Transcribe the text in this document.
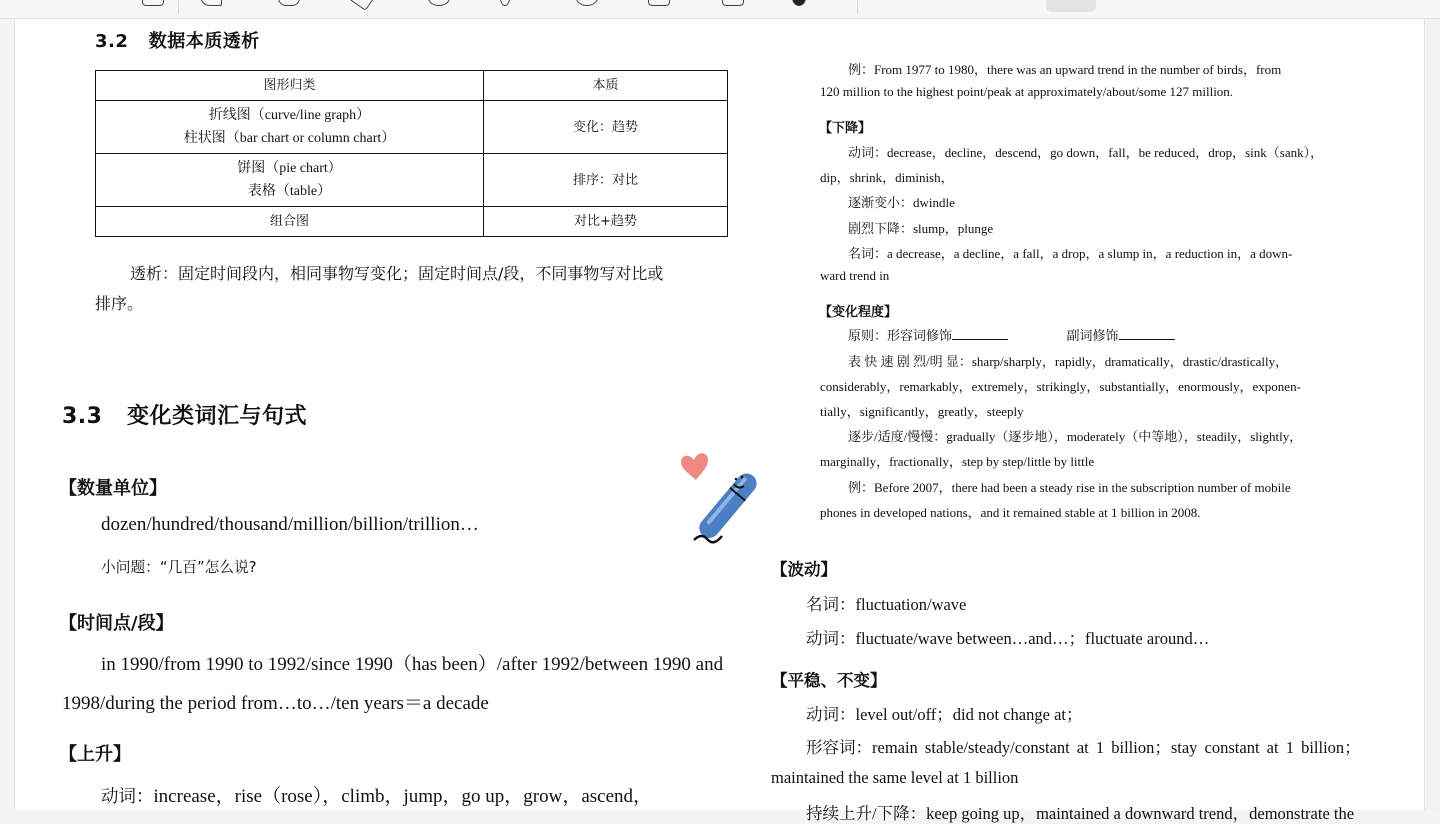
3.2 数据本质透析
图形归类	本质

折线图（curve/line graph）
柱状图（bar chart or column chart）	变化：趋势

饼图（pie chart）
表格（table）	排序：对比
组合图	对比+趋势
透析：固定时间段内，相同事物写变化；固定时间点/段，不同事物写对比或
排序。
3.3 变化类词汇与句式
【数量单位】
dozen/hundred/thousand/million/billion/trillion…
小问题：“几百”怎么说?
【时间点/段】
in 1990/from 1990 to 1992/since 1990（has been）/after 1992/between 1990 and
1998/during the period from…to…/ten years＝a decade
【上升】
动词：increase，rise（rose），climb，jump，go up，grow，ascend，
例：From 1977 to 1980，there was an upward trend in the number of birds，from
120 million to the highest point/peak at approximately/about/some 127 million.
【下降】
动词：decrease，decline，descend，go down，fall，be reduced，drop，sink（sank），
dip，shrink，diminish，
逐渐变小：dwindle
剧烈下降：slump，plunge
名词：a decrease，a decline，a fall，a drop，a slump in，a reduction in，a down-
ward trend in
【变化程度】
原则：形容词修饰	副词修饰
表 快 速 剧 烈/明 显：sharp/sharply，rapidly，dramatically，drastic/drastically，
considerably，remarkably，extremely，strikingly，substantially，enormously，exponen-
tially，significantly，greatly，steeply
逐步/适度/慢慢：gradually（逐步地），moderately（中等地），steadily，slightly，
marginally，fractionally，step by step/little by little
例：Before 2007，there had been a steady rise in the subscription number of mobile
phones in developed nations，and it remained stable at 1 billion in 2008.
【波动】
名词：fluctuation/wave
动词：fluctuate/wave between…and…；fluctuate around…
【平稳、不变】
动词：level out/off；did not change at；
形容词：remain stable/steady/constant at 1 billion；stay constant at 1 billion；
maintained the same level at 1 billion
持续上升/下降：keep going up，maintained a downward trend，demonstrate the
